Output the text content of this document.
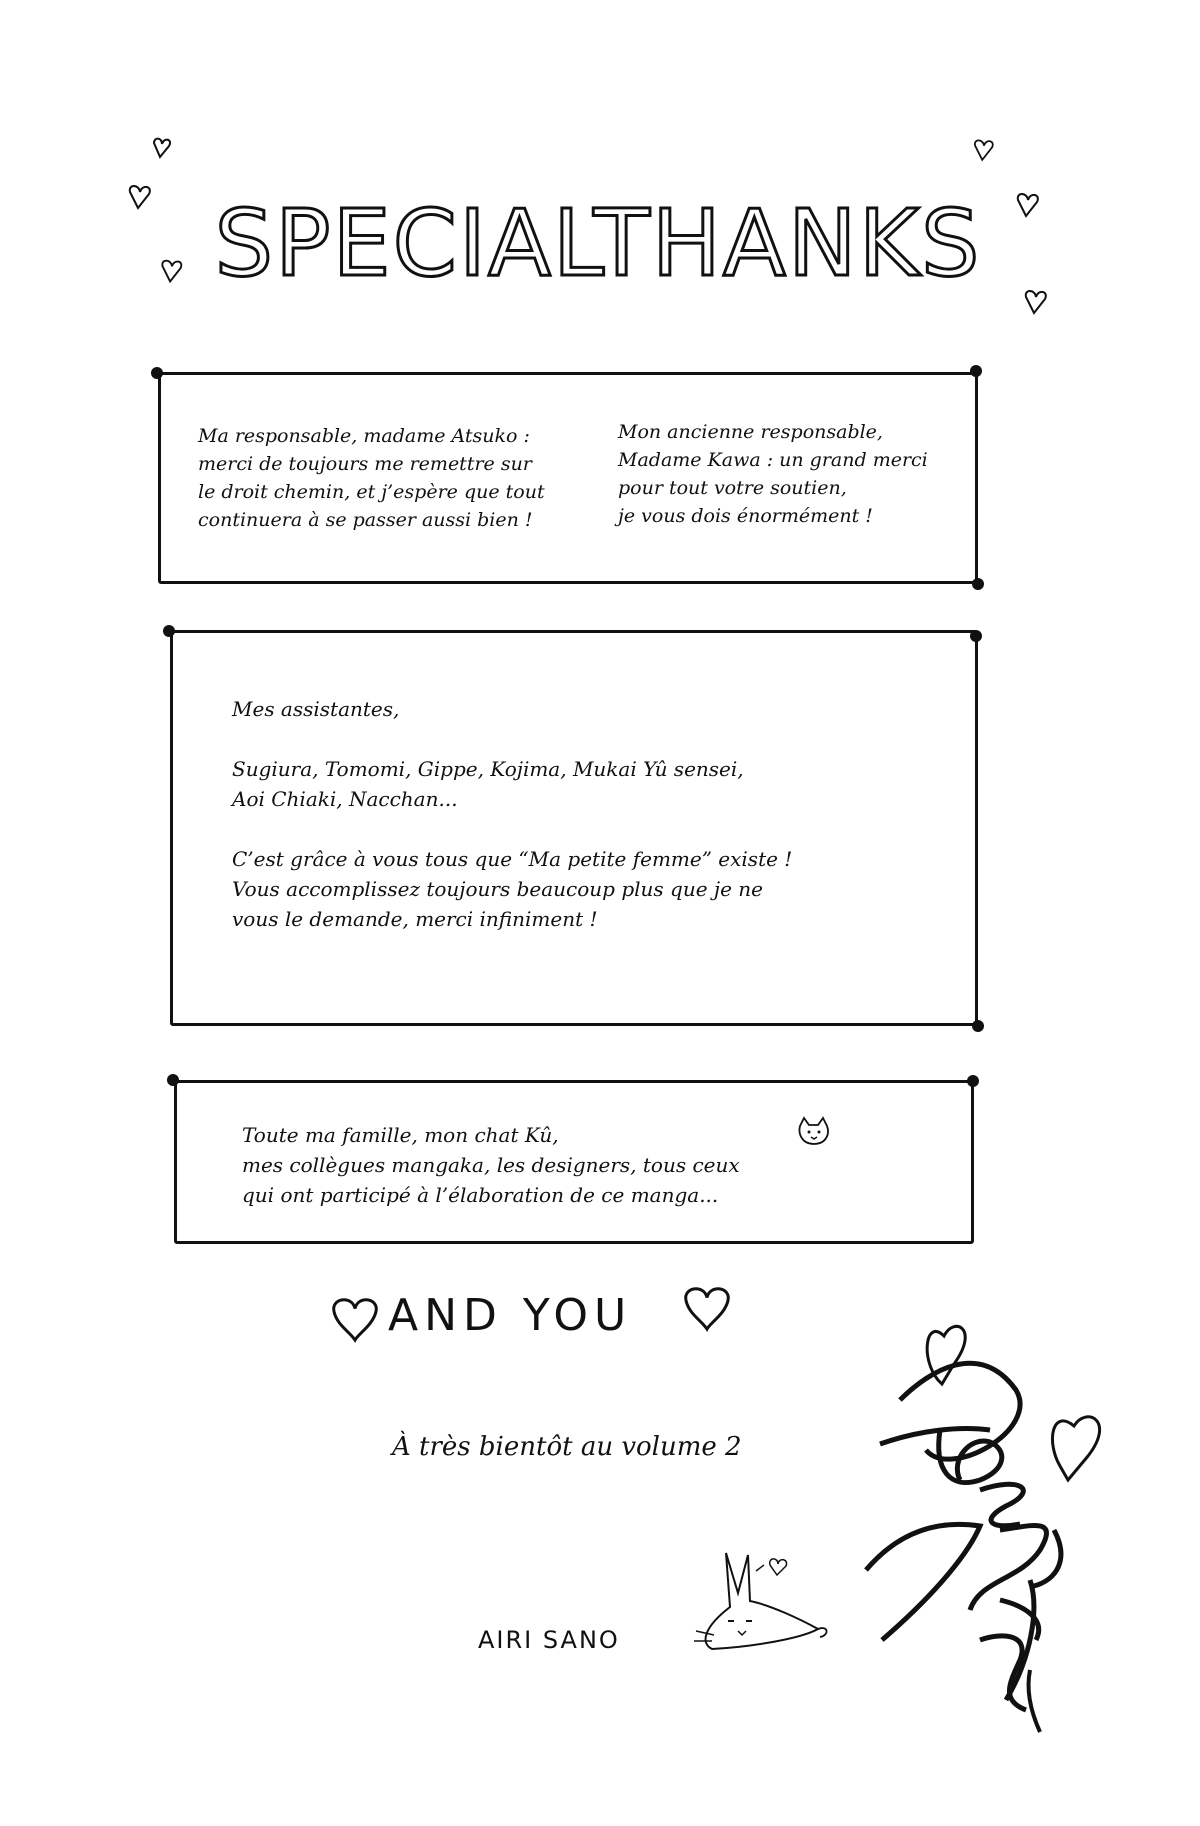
SPECIALTHANKS

Ma responsable, madame Atsuko :

merci de toujours me remettre sur

le droit chemin, et j’espère que tout

continuera à se passer aussi bien !

Mon ancienne responsable,

Madame Kawa : un grand merci

pour tout votre soutien,

je vous dois énormément !

Mes assistantes,

Sugiura, Tomomi, Gippe, Kojima, Mukai Yû sensei,

Aoi Chiaki, Nacchan...

C’est grâce à vous tous que “Ma petite femme” existe !

Vous accomplissez toujours beaucoup plus que je ne

vous le demande, merci infiniment !

Toute ma famille, mon chat Kû,

mes collègues mangaka, les designers, tous ceux

qui ont participé à l’élaboration de ce manga...

AND YOU
À très bientôt au volume 2
AIRI SANO
